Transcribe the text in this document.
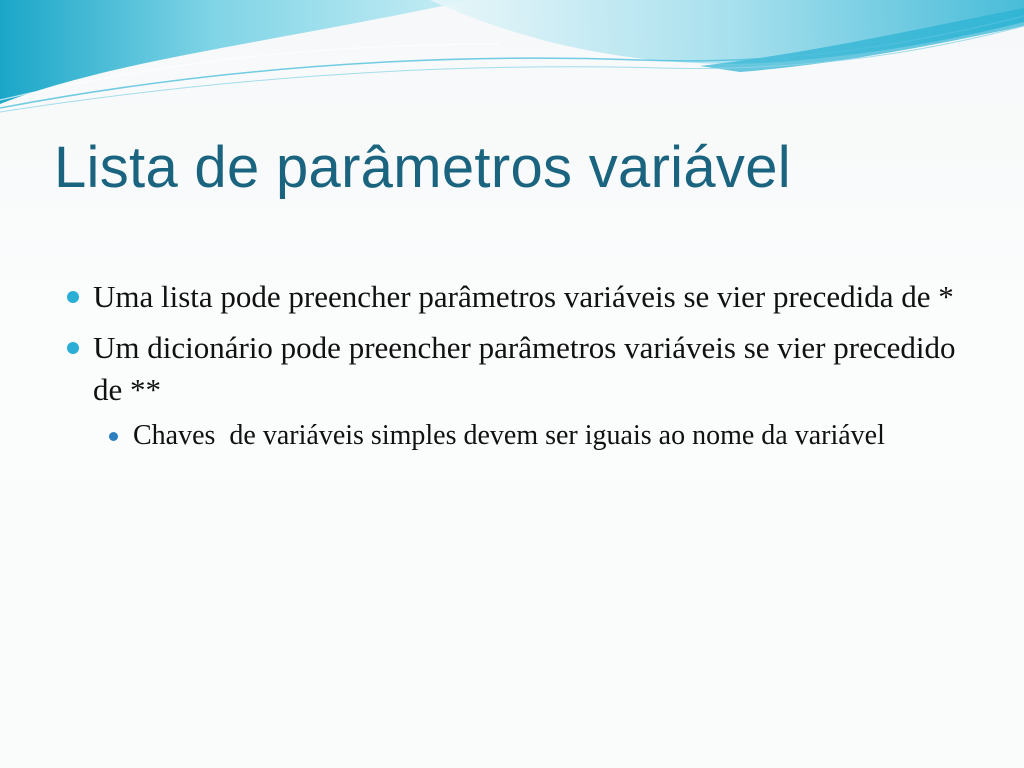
Lista de parâmetros variável
Uma lista pode preencher parâmetros variáveis se vier precedida de *
Um dicionário pode preencher parâmetros variáveis se vier precedido de **
Chaves  de variáveis simples devem ser iguais ao nome da variável
